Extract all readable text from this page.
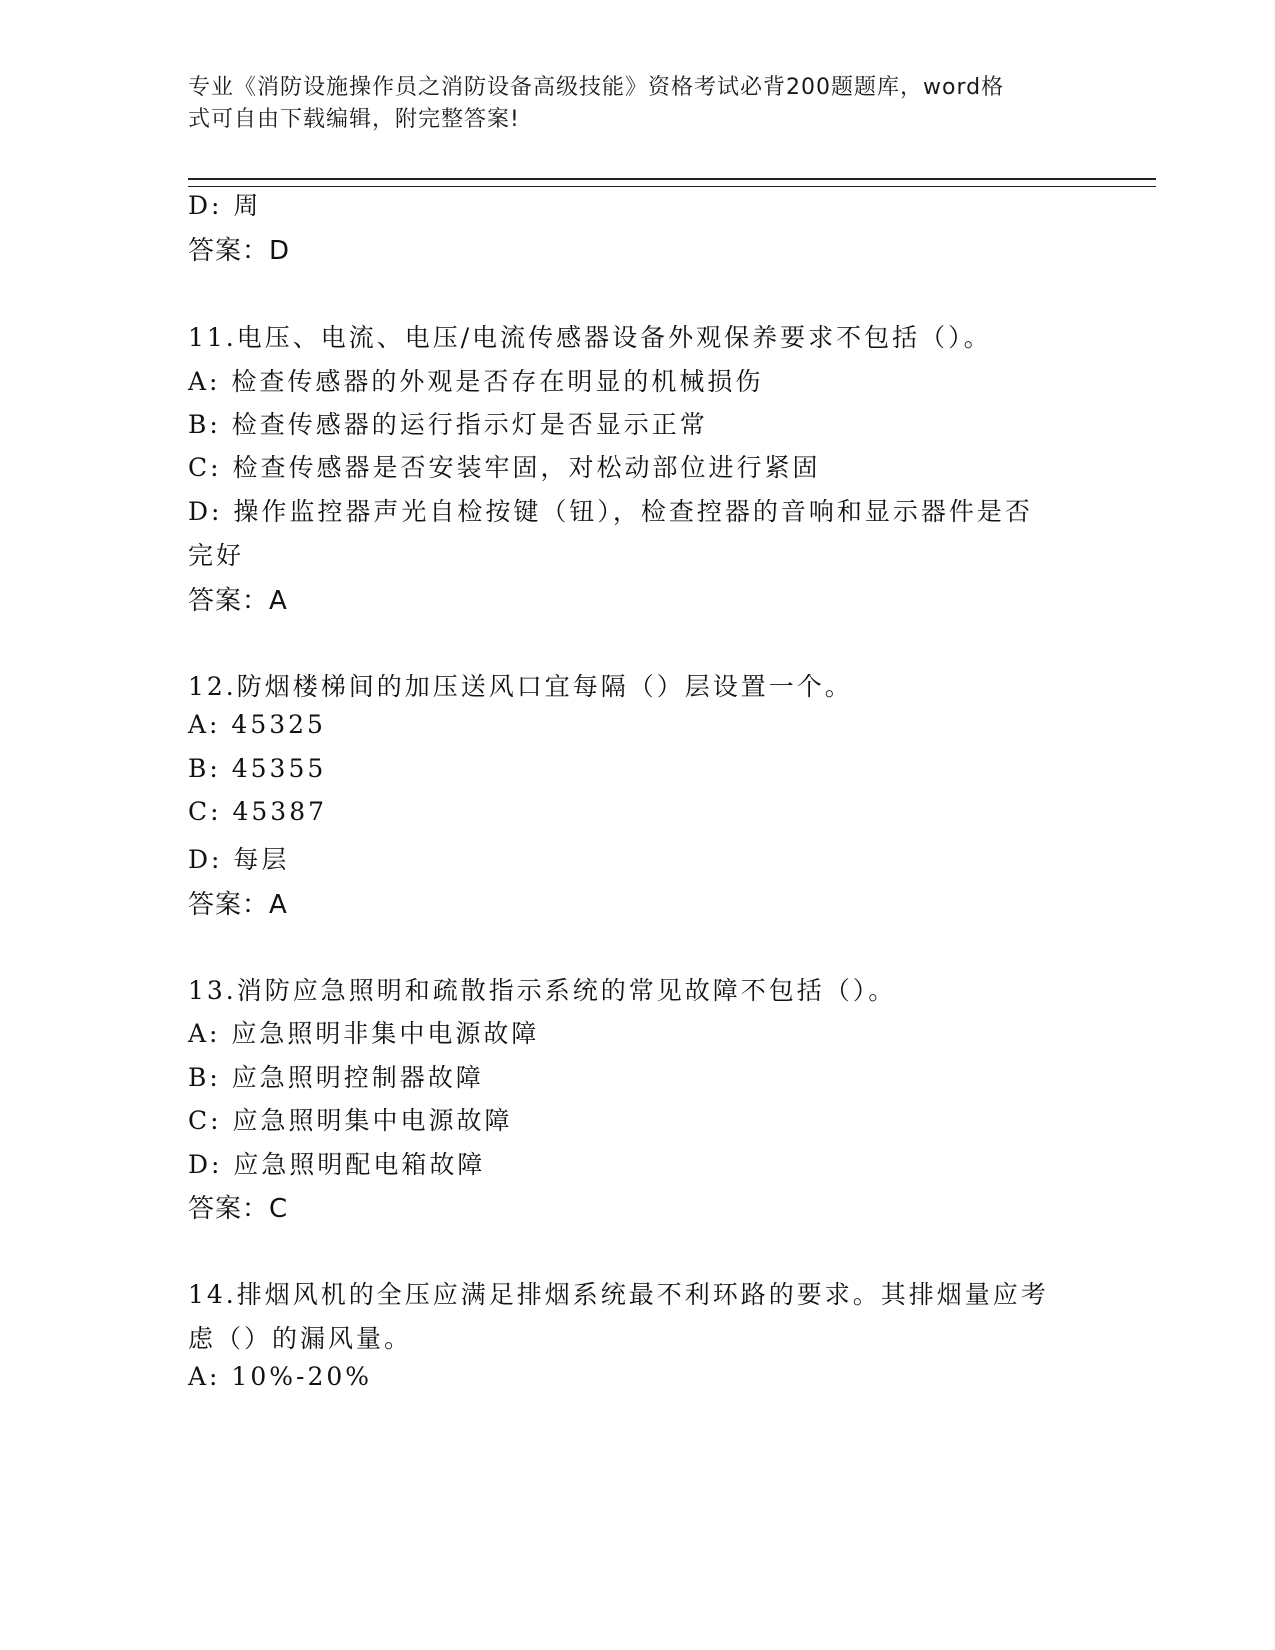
专业《消防设施操作员之消防设备高级技能》资格考试必背200题题库，word格
式可自由下载编辑，附完整答案!
D: 周
答案：D
11.电压、电流、电压/电流传感器设备外观保养要求不包括（）。
A: 检查传感器的外观是否存在明显的机械损伤
B: 检查传感器的运行指示灯是否显示正常
C: 检查传感器是否安装牢固，对松动部位进行紧固
D: 操作监控器声光自检按键（钮），检查控器的音响和显示器件是否
完好
答案：A
12.防烟楼梯间的加压送风口宜每隔（）层设置一个。
A: 45325
B: 45355
C: 45387
D: 每层
答案：A
13.消防应急照明和疏散指示系统的常见故障不包括（）。
A: 应急照明非集中电源故障
B: 应急照明控制器故障
C: 应急照明集中电源故障
D: 应急照明配电箱故障
答案：C
14.排烟风机的全压应满足排烟系统最不利环路的要求。其排烟量应考
虑（）的漏风量。
A: 10%-20%
